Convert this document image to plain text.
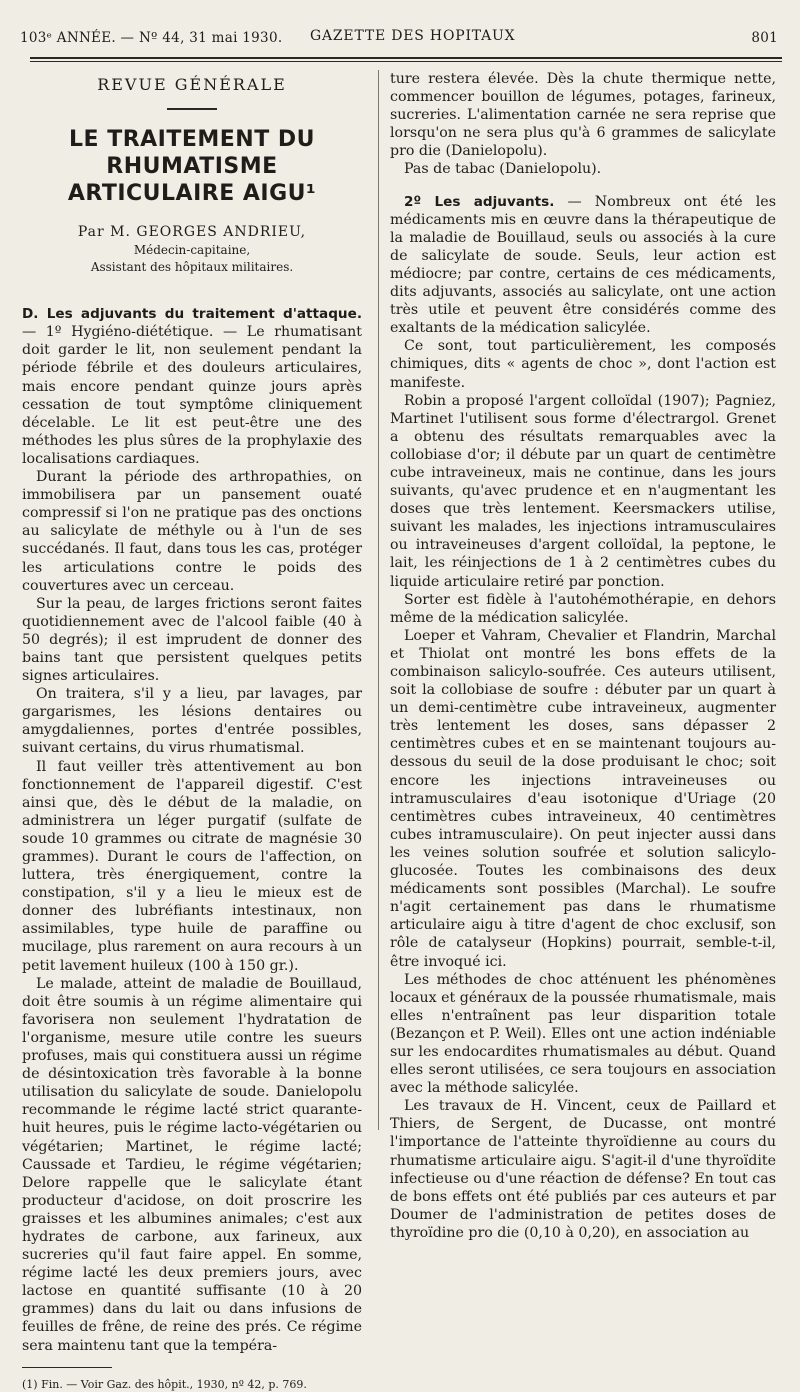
103ᵉ ANNÉE. — Nº 44, 31 mai 1930. GAZETTE DES HOPITAUX	801
REVUE GÉNÉRALE
LE TRAITEMENT DU RHUMATISME
ARTICULAIRE AIGU¹
Par M. GEORGES ANDRIEU,
Médecin-capitaine,
Assistant des hôpitaux militaires.

D. Les adjuvants du traitement d'attaque. — 1º Hygiéno-diététique. — Le rhumatisant doit garder le lit, non seulement pendant la période fébrile et des douleurs articulaires, mais encore pendant quinze jours après cessation de tout symptôme cliniquement décelable. Le lit est peut-être une des méthodes les plus sûres de la prophylaxie des localisations cardiaques.

Durant la période des arthropathies, on immobilisera par un pansement ouaté compressif si l'on ne pratique pas des onctions au salicylate de méthyle ou à l'un de ses succédanés. Il faut, dans tous les cas, protéger les articulations contre le poids des couvertures avec un cerceau.

Sur la peau, de larges frictions seront faites quotidiennement avec de l'alcool faible (40 à 50 degrés); il est imprudent de donner des bains tant que persistent quelques petits signes articulaires.

On traitera, s'il y a lieu, par lavages, par gargarismes, les lésions dentaires ou amygdaliennes, portes d'entrée possibles, suivant certains, du virus rhumatismal.

Il faut veiller très attentivement au bon fonctionnement de l'appareil digestif. C'est ainsi que, dès le début de la maladie, on administrera un léger purgatif (sulfate de soude 10 grammes ou citrate de magnésie 30 grammes). Durant le cours de l'affection, on luttera, très énergiquement, contre la constipation, s'il y a lieu le mieux est de donner des lubréfiants intestinaux, non assimilables, type huile de paraffine ou mucilage, plus rarement on aura recours à un petit lavement huileux (100 à 150 gr.).

Le malade, atteint de maladie de Bouillaud, doit être soumis à un régime alimentaire qui favorisera non seulement l'hydratation de l'organisme, mesure utile contre les sueurs profuses, mais qui constituera aussi un régime de désintoxication très favorable à la bonne utilisation du salicylate de soude. Danielopolu recommande le régime lacté strict quarante-huit heures, puis le régime lacto-végétarien ou végétarien; Martinet, le régime lacté; Caussade et Tardieu, le régime végétarien; Delore rappelle que le salicylate étant producteur d'acidose, on doit proscrire les graisses et les albumines animales; c'est aux hydrates de carbone, aux farineux, aux sucreries qu'il faut faire appel. En somme, régime lacté les deux premiers jours, avec lactose en quantité suffisante (10 à 20 grammes) dans du lait ou dans infusions de feuilles de frêne, de reine des prés. Ce régime sera maintenu tant que la tempéra-

(1) Fin. — Voir Gaz. des hôpit., 1930, nº 42, p. 769.

ture restera élevée. Dès la chute thermique nette, commencer bouillon de légumes, potages, farineux, sucreries. L'alimentation carnée ne sera reprise que lorsqu'on ne sera plus qu'à 6 grammes de salicylate pro die (Danielopolu).

Pas de tabac (Danielopolu).

2º Les adjuvants. — Nombreux ont été les médicaments mis en œuvre dans la thérapeutique de la maladie de Bouillaud, seuls ou associés à la cure de salicylate de soude. Seuls, leur action est médiocre; par contre, certains de ces médicaments, dits adjuvants, associés au salicylate, ont une action très utile et peuvent être considérés comme des exaltants de la médication salicylée.

Ce sont, tout particulièrement, les composés chimiques, dits « agents de choc », dont l'action est manifeste.

Robin a proposé l'argent colloïdal (1907); Pagniez, Martinet l'utilisent sous forme d'électrargol. Grenet a obtenu des résultats remarquables avec la collobiase d'or; il débute par un quart de centimètre cube intraveineux, mais ne continue, dans les jours suivants, qu'avec prudence et en n'augmentant les doses que très lentement. Keersmackers utilise, suivant les malades, les injections intramusculaires ou intraveineuses d'argent colloïdal, la peptone, le lait, les réinjections de 1 à 2 centimètres cubes du liquide articulaire retiré par ponction.

Sorter est fidèle à l'autohémothérapie, en dehors même de la médication salicylée.

Loeper et Vahram, Chevalier et Flandrin, Marchal et Thiolat ont montré les bons effets de la combinaison salicylo-soufrée. Ces auteurs utilisent, soit la collobiase de soufre : débuter par un quart à un demi-centimètre cube intraveineux, augmenter très lentement les doses, sans dépasser 2 centimètres cubes et en se maintenant toujours au-dessous du seuil de la dose produisant le choc; soit encore les injections intraveineuses ou intramusculaires d'eau isotonique d'Uriage (20 centimètres cubes intraveineux, 40 centimètres cubes intramusculaire). On peut injecter aussi dans les veines solution soufrée et solution salicylo-glucosée. Toutes les combinaisons des deux médicaments sont possibles (Marchal). Le soufre n'agit certainement pas dans le rhumatisme articulaire aigu à titre d'agent de choc exclusif, son rôle de catalyseur (Hopkins) pourrait, semble-t-il, être invoqué ici.

Les méthodes de choc atténuent les phénomènes locaux et généraux de la poussée rhumatismale, mais elles n'entraînent pas leur disparition totale (Bezançon et P. Weil). Elles ont une action indéniable sur les endocardites rhumatismales au début. Quand elles seront utilisées, ce sera toujours en association avec la méthode salicylée.

Les travaux de H. Vincent, ceux de Paillard et Thiers, de Sergent, de Ducasse, ont montré l'importance de l'atteinte thyroïdienne au cours du rhumatisme articulaire aigu. S'agit-il d'une thyroïdite infectieuse ou d'une réaction de défense? En tout cas de bons effets ont été publiés par ces auteurs et par Doumer de l'administration de petites doses de thyroïdine pro die (0,10 à 0,20), en association au
